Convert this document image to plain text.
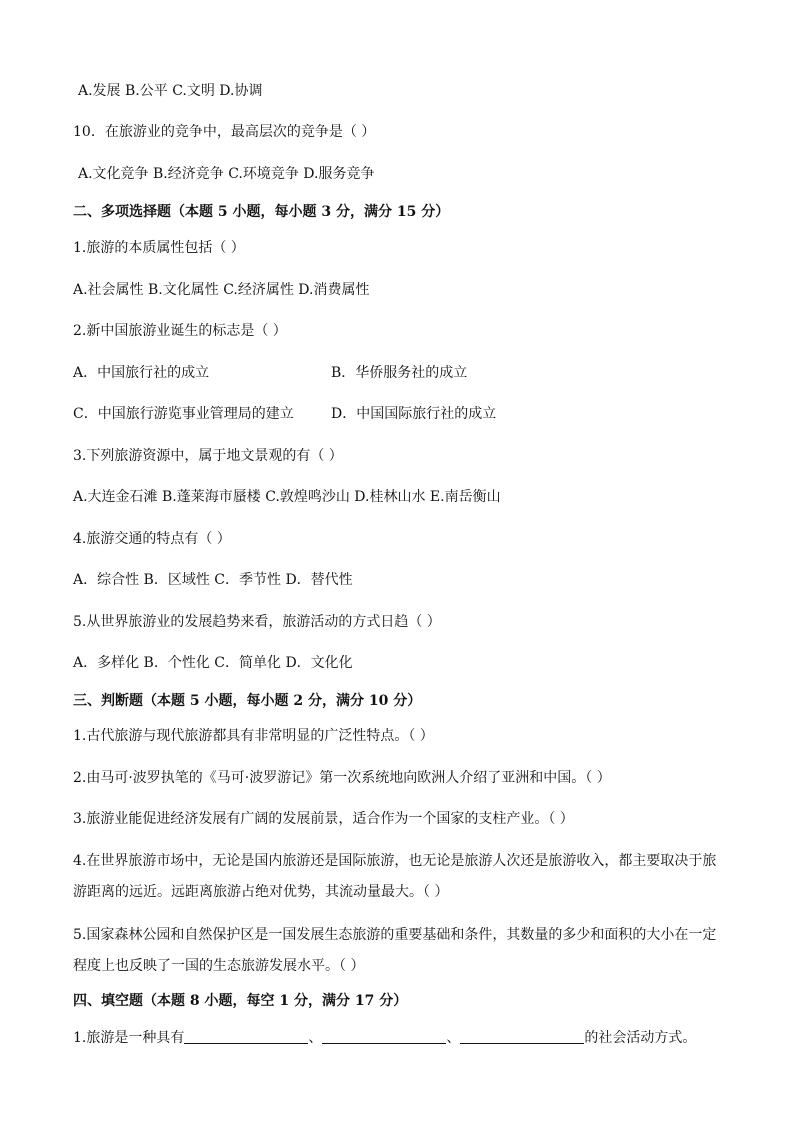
A.发展 B.公平 C.文明 D.协调
10．在旅游业的竞争中，最高层次的竞争是（ ）
A.文化竞争 B.经济竞争 C.环境竞争 D.服务竞争
二、多项选择题（本题 5 小题，每小题 3 分，满分 15 分）
1.旅游的本质属性包括（ ）
A.社会属性 B.文化属性 C.经济属性 D.消费属性
2.新中国旅游业诞生的标志是（ ）
A．中国旅行社的成立	B．华侨服务社的成立
C．中国旅行游览事业管理局的建立	D．中国国际旅行社的成立
3.下列旅游资源中，属于地文景观的有（ ）
A.大连金石滩 B.蓬莱海市蜃楼 C.敦煌鸣沙山 D.桂林山水 E.南岳衡山
4.旅游交通的特点有（ ）
A．综合性 B．区域性 C．季节性 D．替代性
5.从世界旅游业的发展趋势来看，旅游活动的方式日趋（ ）
A．多样化 B．个性化 C．简单化 D．文化化
三、判断题（本题 5 小题，每小题 2 分，满分 10 分）
1.古代旅游与现代旅游都具有非常明显的广泛性特点。（ ）
2.由马可·波罗执笔的《马可·波罗游记》第一次系统地向欧洲人介绍了亚洲和中国。（ ）
3.旅游业能促进经济发展有广阔的发展前景，适合作为一个国家的支柱产业。（ ）
4.在世界旅游市场中，无论是国内旅游还是国际旅游，也无论是旅游人次还是旅游收入，都主要取决于旅
游距离的远近。远距离旅游占绝对优势，其流动量最大。（ ）
5.国家森林公园和自然保护区是一国发展生态旅游的重要基础和条件，其数量的多少和面积的大小在一定
程度上也反映了一国的生态旅游发展水平。（ ）
四、填空题（本题 8 小题，每空 1 分，满分 17 分）
1.旅游是一种具有	、	、	的社会活动方式。
